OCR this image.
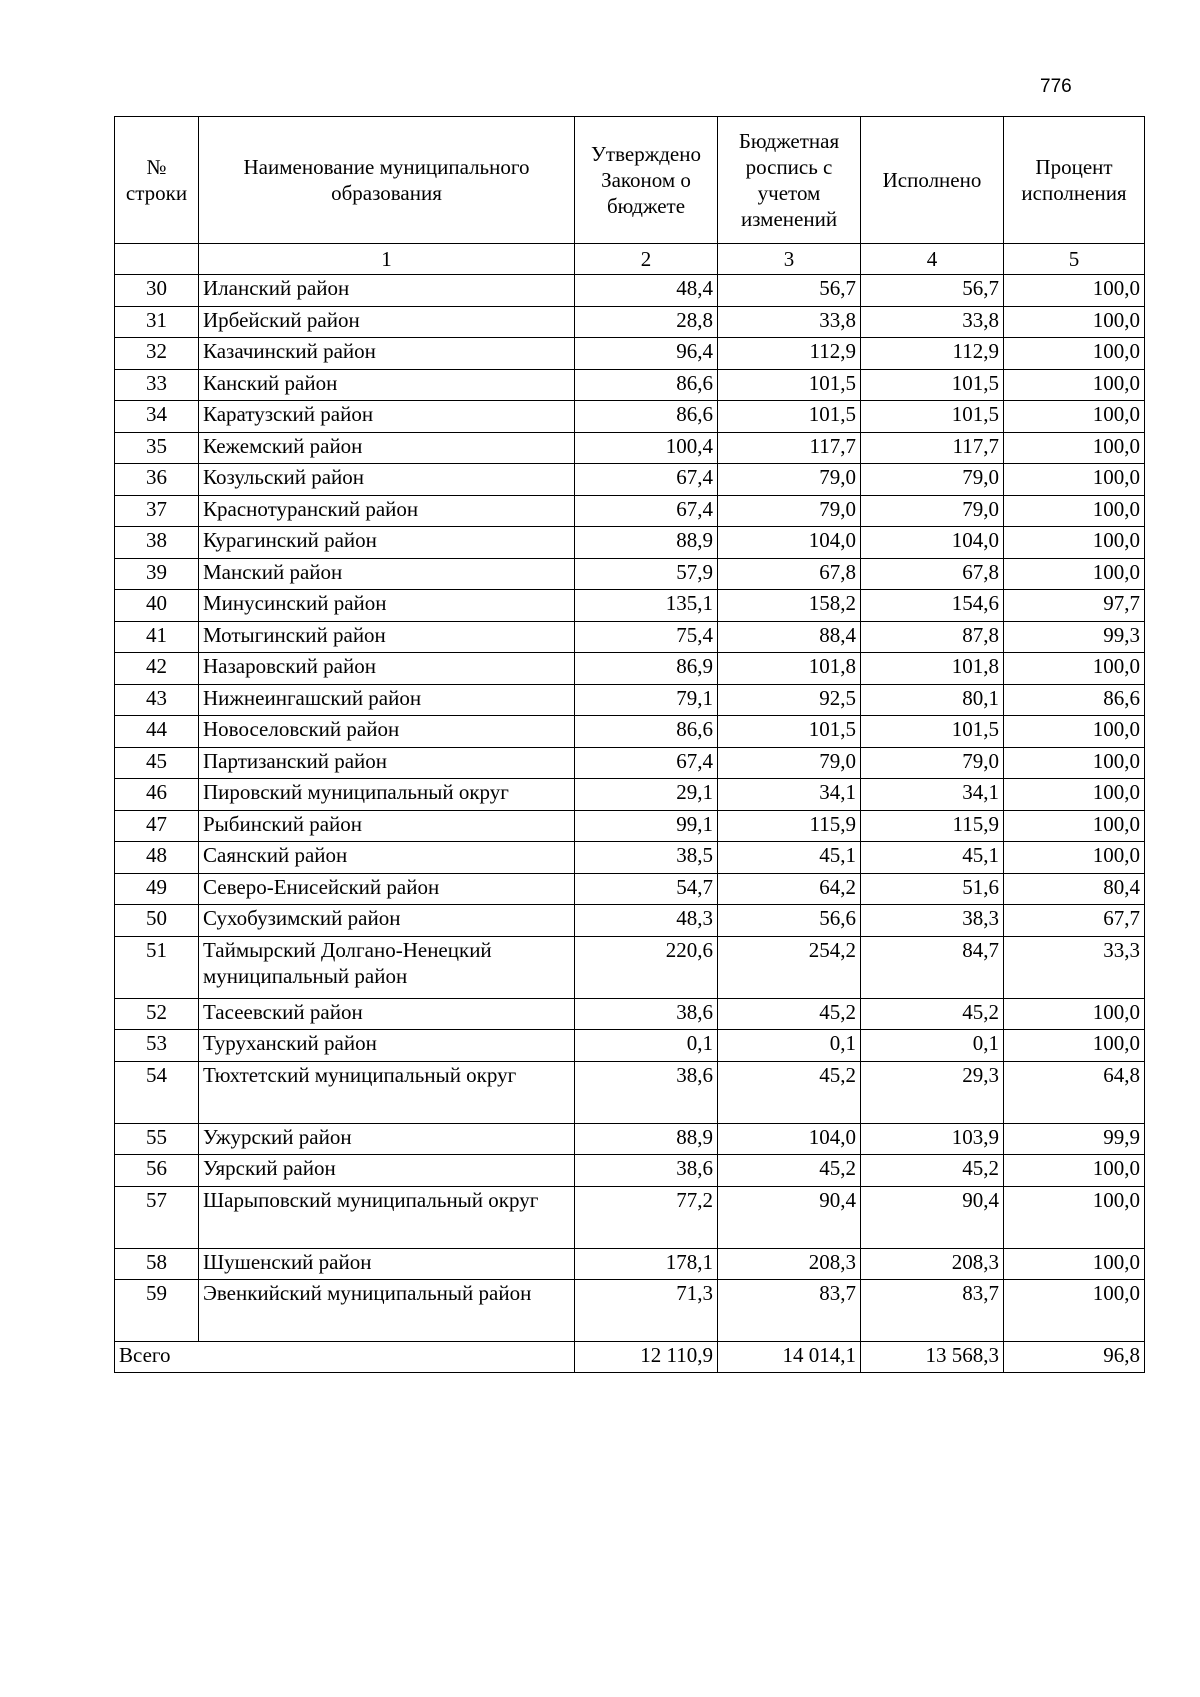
776
№ строки	Наименование муниципального образования	Утверждено Законом о бюджете	Бюджетная роспись с учетом изменений	Исполнено	Процент исполнения
	1	2	3	4	5
30	Иланский район	48,4	56,7	56,7	100,0
31	Ирбейский район	28,8	33,8	33,8	100,0
32	Казачинский район	96,4	112,9	112,9	100,0
33	Канский район	86,6	101,5	101,5	100,0
34	Каратузский район	86,6	101,5	101,5	100,0
35	Кежемский район	100,4	117,7	117,7	100,0
36	Козульский район	67,4	79,0	79,0	100,0
37	Краснотуранский район	67,4	79,0	79,0	100,0
38	Курагинский район	88,9	104,0	104,0	100,0
39	Манский район	57,9	67,8	67,8	100,0
40	Минусинский район	135,1	158,2	154,6	97,7
41	Мотыгинский район	75,4	88,4	87,8	99,3
42	Назаровский район	86,9	101,8	101,8	100,0
43	Нижнеингашский район	79,1	92,5	80,1	86,6
44	Новоселовский район	86,6	101,5	101,5	100,0
45	Партизанский район	67,4	79,0	79,0	100,0
46	Пировский муниципальный округ	29,1	34,1	34,1	100,0
47	Рыбинский район	99,1	115,9	115,9	100,0
48	Саянский район	38,5	45,1	45,1	100,0
49	Северо-Енисейский район	54,7	64,2	51,6	80,4
50	Сухобузимский район	48,3	56,6	38,3	67,7
51	Таймырский Долгано-Ненецкий муниципальный район	220,6	254,2	84,7	33,3
52	Тасеевский район	38,6	45,2	45,2	100,0
53	Туруханский район	0,1	0,1	0,1	100,0
54	Тюхтетский муниципальный округ	38,6	45,2	29,3	64,8
55	Ужурский район	88,9	104,0	103,9	99,9
56	Уярский район	38,6	45,2	45,2	100,0
57	Шарыповский муниципальный округ	77,2	90,4	90,4	100,0
58	Шушенский район	178,1	208,3	208,3	100,0
59	Эвенкийский муниципальный район	71,3	83,7	83,7	100,0
Всего		12 110,9	14 014,1	13 568,3	96,8
